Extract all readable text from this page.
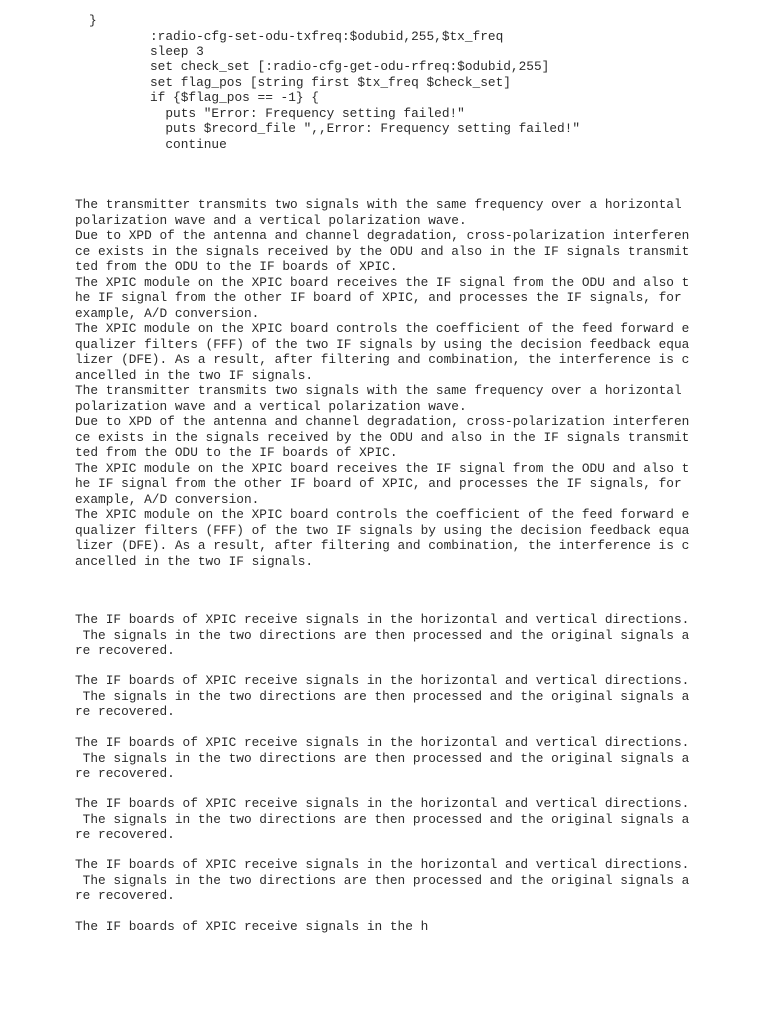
}
:radio-cfg-set-odu-txfreq:$odubid,255,$tx_freq
sleep 3
set check_set [:radio-cfg-get-odu-rfreq:$odubid,255]
set flag_pos [string first $tx_freq $check_set]
if {$flag_pos == -1} {
puts "Error: Frequency setting failed!"
puts $record_file ",,Error: Frequency setting failed!"
continue
The transmitter transmits two signals with the same frequency over a horizontal
polarization wave and a vertical polarization wave.
Due to XPD of the antenna and channel degradation, cross-polarization interferen
ce exists in the signals received by the ODU and also in the IF signals transmit
ted from the ODU to the IF boards of XPIC.
The XPIC module on the XPIC board receives the IF signal from the ODU and also t
he IF signal from the other IF board of XPIC, and processes the IF signals, for
example, A/D conversion.
The XPIC module on the XPIC board controls the coefficient of the feed forward e
qualizer filters (FFF) of the two IF signals by using the decision feedback equa
lizer (DFE). As a result, after filtering and combination, the interference is c
ancelled in the two IF signals.
The transmitter transmits two signals with the same frequency over a horizontal
polarization wave and a vertical polarization wave.
Due to XPD of the antenna and channel degradation, cross-polarization interferen
ce exists in the signals received by the ODU and also in the IF signals transmit
ted from the ODU to the IF boards of XPIC.
The XPIC module on the XPIC board receives the IF signal from the ODU and also t
he IF signal from the other IF board of XPIC, and processes the IF signals, for
example, A/D conversion.
The XPIC module on the XPIC board controls the coefficient of the feed forward e
qualizer filters (FFF) of the two IF signals by using the decision feedback equa
lizer (DFE). As a result, after filtering and combination, the interference is c
ancelled in the two IF signals.
The IF boards of XPIC receive signals in the horizontal and vertical directions.
The signals in the two directions are then processed and the original signals a
re recovered.
The IF boards of XPIC receive signals in the horizontal and vertical directions.
The signals in the two directions are then processed and the original signals a
re recovered.
The IF boards of XPIC receive signals in the horizontal and vertical directions.
The signals in the two directions are then processed and the original signals a
re recovered.
The IF boards of XPIC receive signals in the horizontal and vertical directions.
The signals in the two directions are then processed and the original signals a
re recovered.
The IF boards of XPIC receive signals in the horizontal and vertical directions.
The signals in the two directions are then processed and the original signals a
re recovered.
The IF boards of XPIC receive signals in the h
